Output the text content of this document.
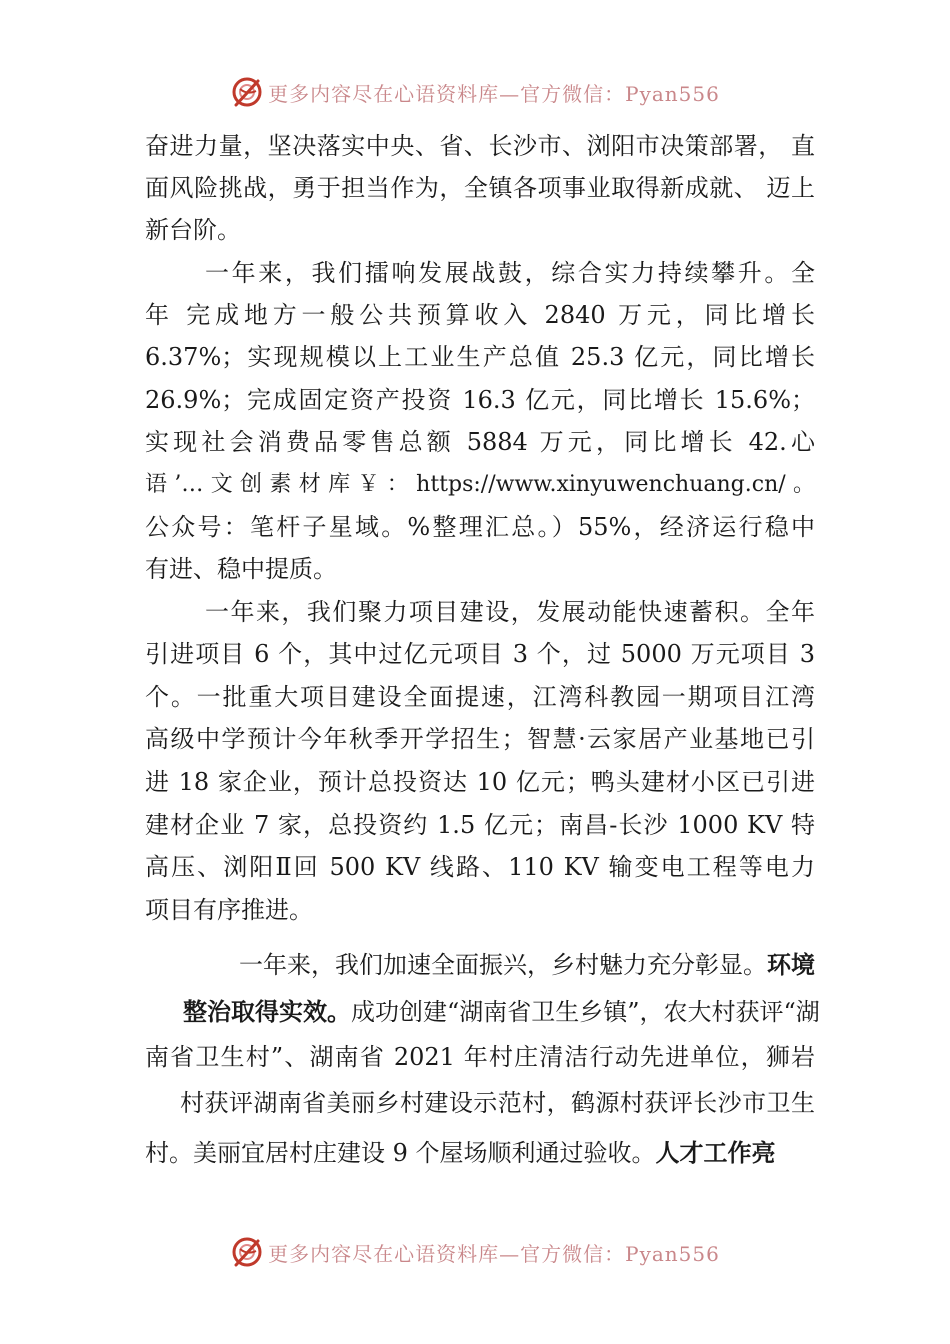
更多内容尽在心语资料库—官方微信：Pyan556
奋进力量，坚决落实中央、省、长沙市、浏阳市决策部署， 直
面风险挑战，勇于担当作为，全镇各项事业取得新成就、 迈上
新台阶。
一年来，我们擂响发展战鼓，综合实力持续攀升。全
年 完成地方一般公共预算收入 2840 万元，同比增长
6.37%；实现规模以上工业生产总值 25.3 亿元，同比增长
26.9%；完成固定资产投资 16.3 亿元，同比增长 15.6%；
实现社会消费品零售总额 5884 万元，同比增长 42.心
语’…文创素材库￥：https://www.xinyuwenchuang.cn/。
公众号：笔杆子星域。%整理汇总。）55%，经济运行稳中
有进、稳中提质。
一年来，我们聚力项目建设，发展动能快速蓄积。全年
引进项目 6 个，其中过亿元项目 3 个，过 5000 万元项目 3
个。一批重大项目建设全面提速，江湾科教园一期项目江湾
高级中学预计今年秋季开学招生；智慧·云家居产业基地已引
进 18 家企业，预计总投资达 10 亿元；鸭头建材小区已引进
建材企业 7 家，总投资约 1.5 亿元；南昌-长沙 1000 KV 特
高压、浏阳Ⅱ回 500 KV 线路、110 KV 输变电工程等电力
项目有序推进。
一年来，我们加速全面振兴，乡村魅力充分彰显。环境
整治取得实效。成功创建“湖南省卫生乡镇”，农大村获评“湖
南省卫生村”、湖南省 2021 年村庄清洁行动先进单位，狮岩
村获评湖南省美丽乡村建设示范村，鹤源村获评长沙市卫生
村。美丽宜居村庄建设 9 个屋场顺利通过验收。人才工作亮
更多内容尽在心语资料库—官方微信：Pyan556
